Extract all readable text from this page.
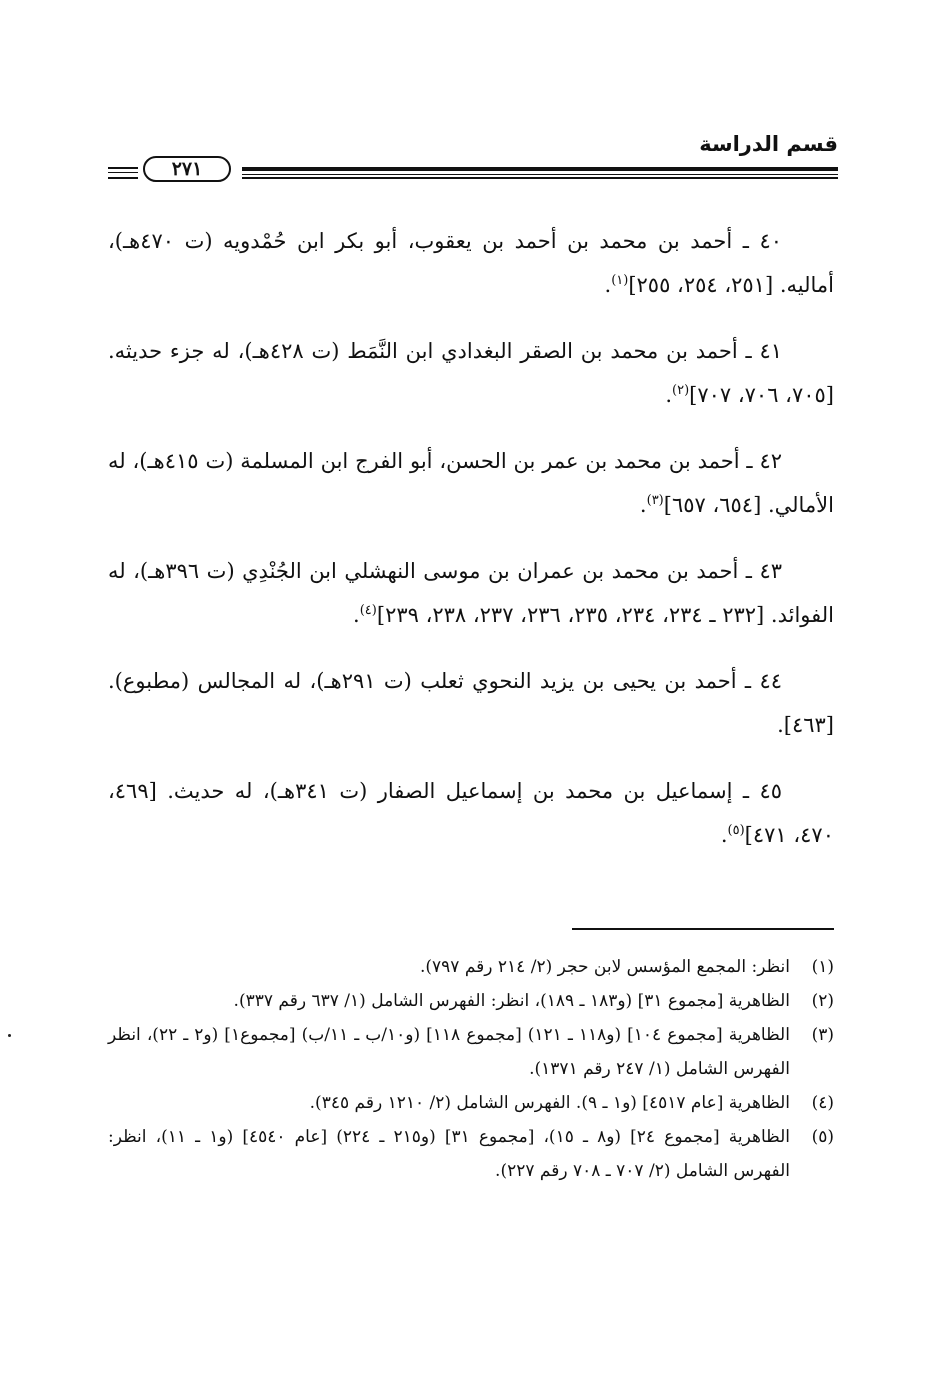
قسم الدراسة
٢٧١

٤٠ ـ أحمد بن محمد بن أحمد بن يعقوب، أبو بكر ابن حُمْدويه (ت ٤٧٠هـ)، أماليه. [٢٥١، ٢٥٤، ٢٥٥]$^{(١)}$.

٤١ ـ أحمد بن محمد بن الصقر البغدادي ابن النَّمَط (ت ٤٢٨هـ)، له جزء حديثه. [٧٠٥، ٧٠٦، ٧٠٧]$^{(٢)}$.

٤٢ ـ أحمد بن محمد بن عمر بن الحسن، أبو الفرج ابن المسلمة (ت ٤١٥هـ)، له الأمالي. [٦٥٤، ٦٥٧]$^{(٣)}$.

٤٣ ـ أحمد بن محمد بن عمران بن موسى النهشلي ابن الجُنْدِي (ت ٣٩٦هـ)، له الفوائد. [٢٣٢ ـ ٢٣٤، ٢٣٤، ٢٣٥، ٢٣٦، ٢٣٧، ٢٣٨، ٢٣٩]$^{(٤)}$.

٤٤ ـ أحمد بن يحيى بن يزيد النحوي ثعلب (ت ٢٩١هـ)، له المجالس (مطبوع). [٤٦٣].

٤٥ ـ إسماعيل بن محمد بن إسماعيل الصفار (ت ٣٤١هـ)، له حديث. [٤٦٩، ٤٧٠، ٤٧١]$^{(٥)}$.

(١)
انظر: المجمع المؤسس لابن حجر (٢/ ٢١٤ رقم ٧٩٧).
(٢)
الظاهرية [مجموع ٣١] (و١٨٣ ـ ١٨٩)، انظر: الفهرس الشامل (١/ ٦٣٧ رقم ٣٣٧).
(٣)
الظاهرية [مجموع ١٠٤] (و١١٨ ـ ١٢١) [مجموع ١١٨] (و١٠/ب ـ ١١/ب) [مجموع١] (و٢ ـ ٢٢)، انظر الفهرس الشامل (١/ ٢٤٧ رقم ١٣٧١).
(٤)
الظاهرية [عام ٤٥١٧] (و١ ـ ٩). الفهرس الشامل (٢/ ١٢١٠ رقم ٣٤٥).
(٥)
الظاهرية [مجموع ٢٤] (و٨ ـ ١٥)، [مجموع ٣١] (و٢١٥ ـ ٢٢٤) [عام ٤٥٤٠] (و١ ـ ١١)، انظر: الفهرس الشامل (٢/ ٧٠٧ ـ ٧٠٨ رقم ٢٢٧).
